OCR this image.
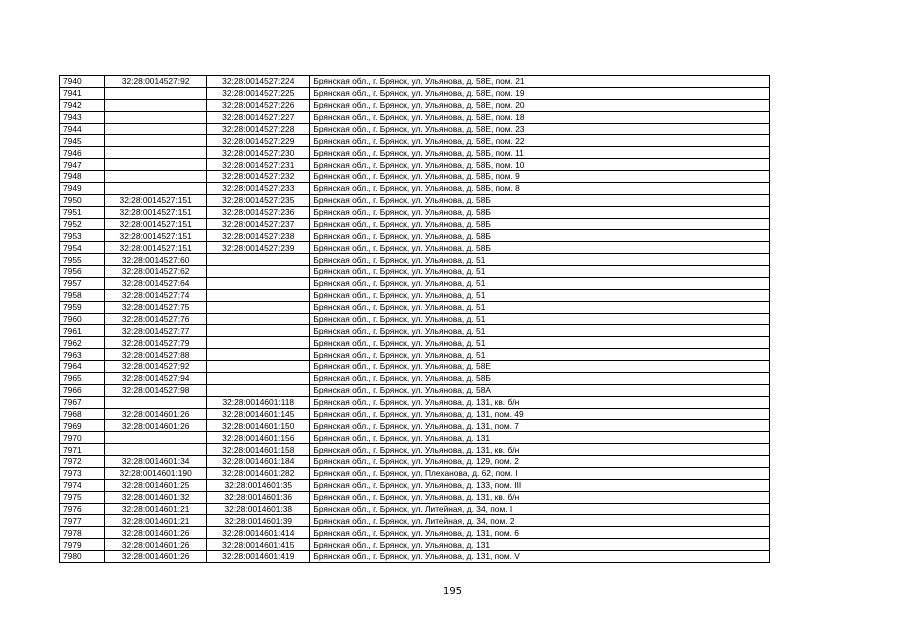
7940	32:28:0014527:92	32:28:0014527:224	Брянская обл., г. Брянск, ул. Ульянова, д. 58Е, пом. 21
7941		32:28:0014527:225	Брянская обл., г. Брянск, ул. Ульянова, д. 58Е, пом. 19
7942		32:28:0014527:226	Брянская обл., г. Брянск, ул. Ульянова, д. 58Е, пом. 20
7943		32:28:0014527:227	Брянская обл., г. Брянск, ул. Ульянова, д. 58Е, пом. 18
7944		32:28:0014527:228	Брянская обл., г. Брянск, ул. Ульянова, д. 58Е, пом. 23
7945		32:28:0014527:229	Брянская обл., г. Брянск, ул. Ульянова, д. 58Е, пом. 22
7946		32:28:0014527:230	Брянская обл., г. Брянск, ул. Ульянова, д. 58Б, пом. 11
7947		32:28:0014527:231	Брянская обл., г. Брянск, ул. Ульянова, д. 58Б, пом. 10
7948		32:28:0014527:232	Брянская обл., г. Брянск, ул. Ульянова, д. 58Б, пом. 9
7949		32:28:0014527:233	Брянская обл., г. Брянск, ул. Ульянова, д. 58Б, пом. 8
7950	32:28:0014527:151	32:28:0014527:235	Брянская обл., г. Брянск, ул. Ульянова, д. 58Б
7951	32:28:0014527:151	32:28:0014527:236	Брянская обл., г. Брянск, ул. Ульянова, д. 58Б
7952	32:28:0014527:151	32:28:0014527:237	Брянская обл., г. Брянск, ул. Ульянова, д. 58Б
7953	32:28:0014527:151	32:28:0014527:238	Брянская обл., г. Брянск, ул. Ульянова, д. 58Б
7954	32:28:0014527:151	32:28:0014527:239	Брянская обл., г. Брянск, ул. Ульянова, д. 58Б
7955	32:28:0014527:60		Брянская обл., г. Брянск, ул. Ульянова, д. 51
7956	32:28:0014527:62		Брянская обл., г. Брянск, ул. Ульянова, д. 51
7957	32:28:0014527:64		Брянская обл., г. Брянск, ул. Ульянова, д. 51
7958	32:28:0014527:74		Брянская обл., г. Брянск, ул. Ульянова, д. 51
7959	32:28:0014527:75		Брянская обл., г. Брянск, ул. Ульянова, д. 51
7960	32:28:0014527:76		Брянская обл., г. Брянск, ул. Ульянова, д. 51
7961	32:28:0014527:77		Брянская обл., г. Брянск, ул. Ульянова, д. 51
7962	32:28:0014527:79		Брянская обл., г. Брянск, ул. Ульянова, д. 51
7963	32:28:0014527:88		Брянская обл., г. Брянск, ул. Ульянова, д. 51
7964	32:28:0014527:92		Брянская обл., г. Брянск, ул. Ульянова, д. 58Е
7965	32:28:0014527:94		Брянская обл., г. Брянск, ул. Ульянова, д. 58Б
7966	32:28:0014527:98		Брянская обл., г. Брянск, ул. Ульянова, д. 58А
7967		32:28:0014601:118	Брянская обл., г. Брянск, ул. Ульянова, д. 131, кв. б/н
7968	32:28:0014601:26	32:28:0014601:145	Брянская обл., г. Брянск, ул. Ульянова, д. 131, пом. 49
7969	32:28:0014601:26	32:28:0014601:150	Брянская обл., г. Брянск, ул. Ульянова, д. 131, пом. 7
7970		32:28:0014601:156	Брянская обл., г. Брянск, ул. Ульянова, д. 131
7971		32:28:0014601:158	Брянская обл., г. Брянск, ул. Ульянова, д. 131, кв. б/н
7972	32:28:0014601:34	32:28:0014601:184	Брянская обл., г. Брянск, ул. Ульянова, д. 129, пом. 2
7973	32:28:0014601:190	32:28:0014601:282	Брянская обл., г. Брянск, ул. Плеханова, д. 62, пом. I
7974	32:28:0014601:25	32:28:0014601:35	Брянская обл., г. Брянск, ул. Ульянова, д. 133, пом. III
7975	32:28:0014601:32	32:28:0014601:36	Брянская обл., г. Брянск, ул. Ульянова, д. 131, кв. б/н
7976	32:28:0014601:21	32:28:0014601:38	Брянская обл., г. Брянск, ул. Литейная, д. 34, пом. I
7977	32:28:0014601:21	32:28:0014601:39	Брянская обл., г. Брянск, ул. Литейная, д. 34, пом. 2
7978	32:28:0014601:26	32:28:0014601:414	Брянская обл., г. Брянск, ул. Ульянова, д. 131, пом. 6
7979	32:28:0014601:26	32:28:0014601:415	Брянская обл., г. Брянск, ул. Ульянова, д. 131
7980	32:28:0014601:26	32:28:0014601:419	Брянская обл., г. Брянск, ул. Ульянова, д. 131, пом. V
195
